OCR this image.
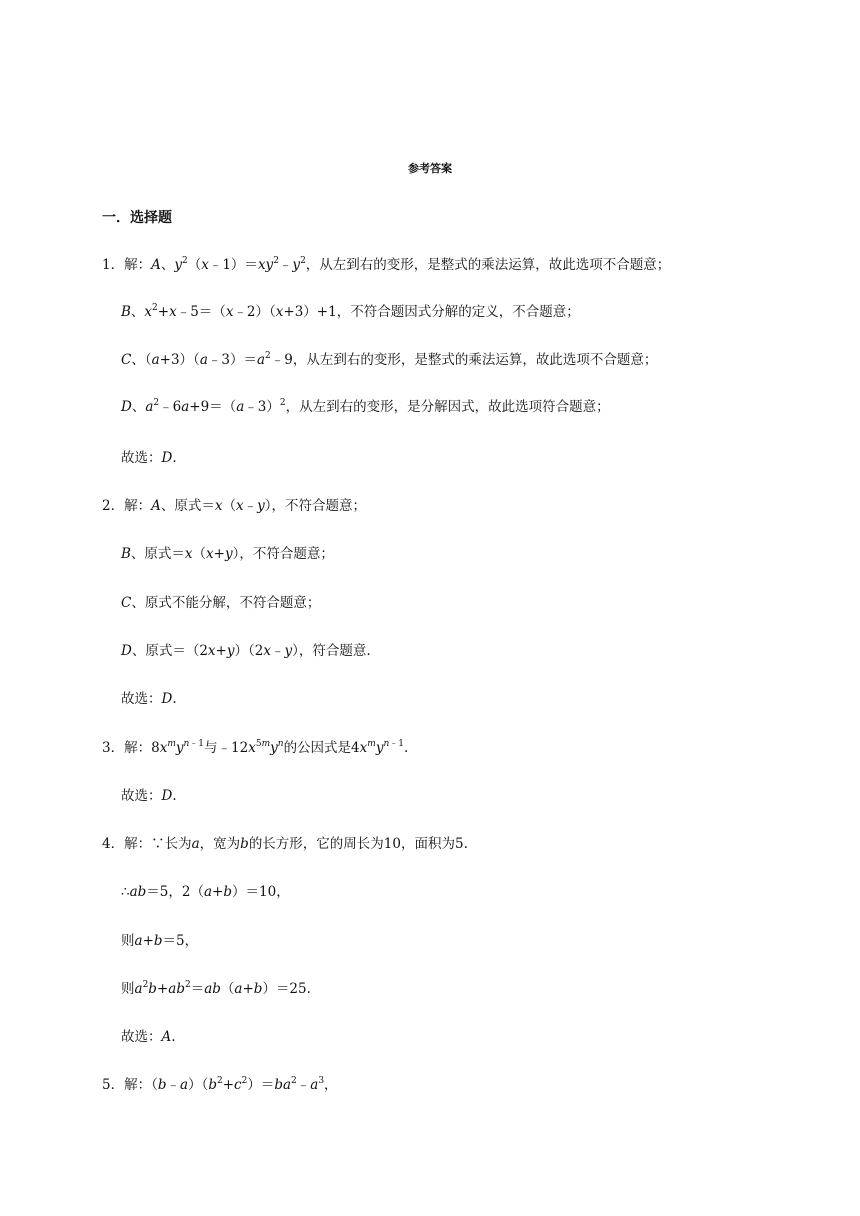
参考答案
一．选择题
1．解：A、$y^2(x﹣1)=xy^2﹣y^2$，从左到右的变形，是整式的乘法运算，故此选项不合题意；
B、$x^2+x﹣5=(x﹣2)(x+3)+1$，不符合题因式分解的定义，不合题意；
C、$(a+3)(a﹣3)=a^2﹣9$，从左到右的变形，是整式的乘法运算，故此选项不合题意；
D、$a^2﹣6a+9=(a﹣3)^2$，从左到右的变形，是分解因式，故此选项符合题意；
故选：D.
2．解：A、原式＝x（x﹣y），不符合题意；
B、原式＝x（x+y），不符合题意；
C、原式不能分解，不符合题意；
D、原式＝（2x+y）（2x﹣y），符合题意.
故选：D.
3．解：$8x^my^{n﹣1}$与$﹣12x^{5m}y^n$的公因式是$4x^my^{n﹣1}$.
故选：D.
4．解：∵长为a，宽为b的长方形，它的周长为10，面积为5.
∴ab＝5，2（a+b）＝10，
则a+b＝5，
则$a^2b+ab^2=ab(a+b)=25$.
故选：A.
5．解：$(b﹣a)(b^2+c^2)=ba^2﹣a^3$，
